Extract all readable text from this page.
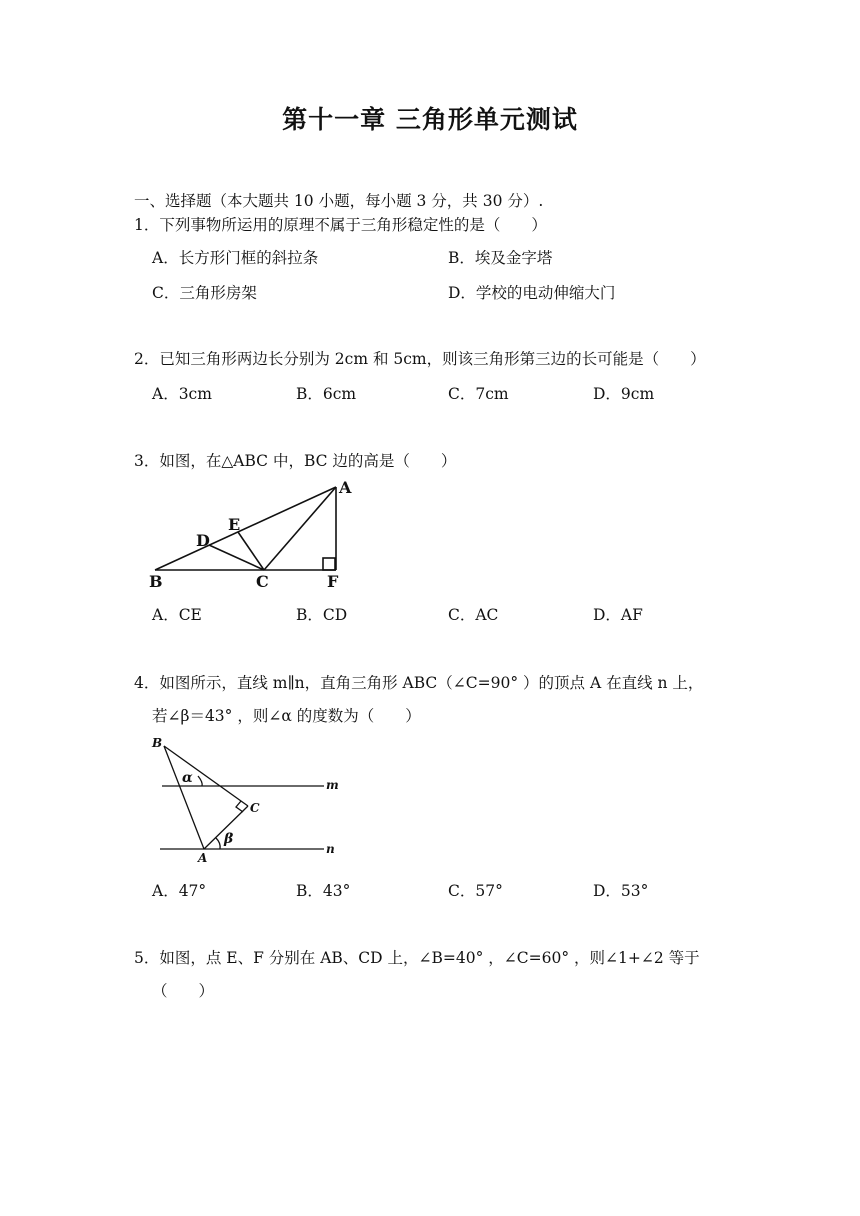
第十一章 三角形单元测试
一、选择题（本大题共 10 小题，每小题 3 分，共 30 分）.
1．下列事物所运用的原理不属于三角形稳定性的是（　　）
A．长方形门框的斜拉条	B．埃及金字塔
C．三角形房架	D．学校的电动伸缩大门
2．已知三角形两边长分别为 2cm 和 5cm，则该三角形第三边的长可能是（　　）
A．3cm	B．6cm	C．7cm	D．9cm
3．如图，在△ABC 中，BC 边的高是（　　）
A
B	C
D
E
F
A．CE	B．CD	C．AC	D．AF
4．如图所示，直线 m∥n，直角三角形 ABC（∠C=90° ）的顶点 A 在直线 n 上，
若∠β＝43° ，则∠α 的度数为（　　）
B
α	m
C
β
A
n
A．47°	B．43°	C．57°	D．53°
5．如图，点 E、F 分别在 AB、CD 上，∠B=40° ，∠C=60° ，则∠1+∠2 等于
（　　）
